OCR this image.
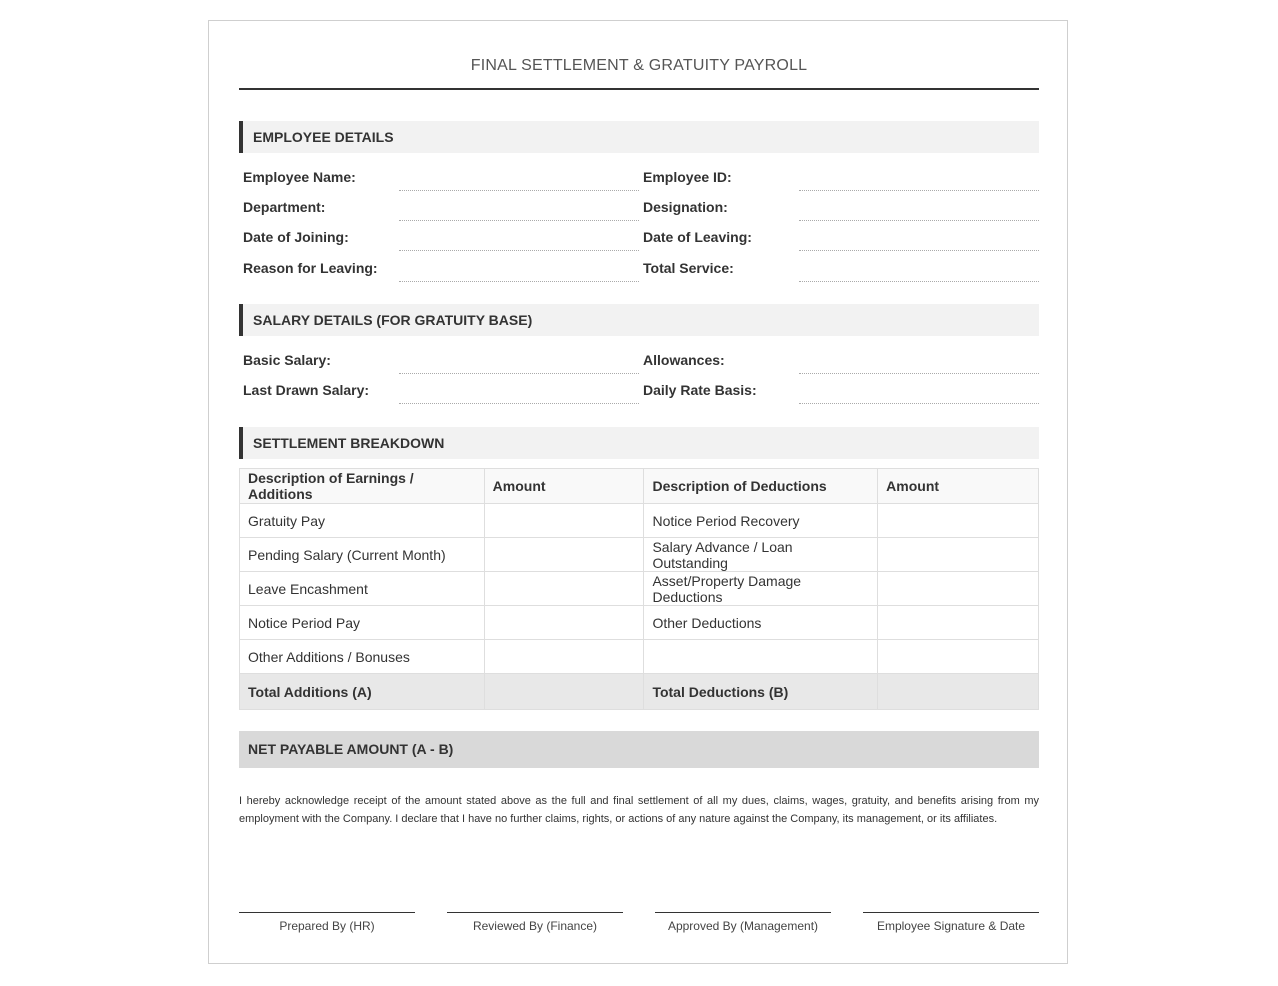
FINAL SETTLEMENT & GRATUITY PAYROLL
EMPLOYEE DETAILS
Employee Name:	Employee ID:
Department:	Designation:
Date of Joining:	Date of Leaving:
Reason for Leaving:	Total Service:
SALARY DETAILS (FOR GRATUITY BASE)
Basic Salary:	Allowances:
Last Drawn Salary:	Daily Rate Basis:
SETTLEMENT BREAKDOWN
Description of Earnings / Additions	Amount	Description of Deductions	Amount
Gratuity Pay		Notice Period Recovery	
Pending Salary (Current Month)		Salary Advance / Loan Outstanding	
Leave Encashment		Asset/Property Damage Deductions	
Notice Period Pay		Other Deductions	
Other Additions / Bonuses			
Total Additions (A)		Total Deductions (B)	
NET PAYABLE AMOUNT (A - B)
I hereby acknowledge receipt of the amount stated above as the full and final settlement of all my dues, claims, wages, gratuity, and benefits arising from my employment with the Company. I declare that I have no further claims, rights, or actions of any nature against the Company, its management, or its affiliates.
Prepared By (HR)	Reviewed By (Finance)	Approved By (Management)	Employee Signature & Date
